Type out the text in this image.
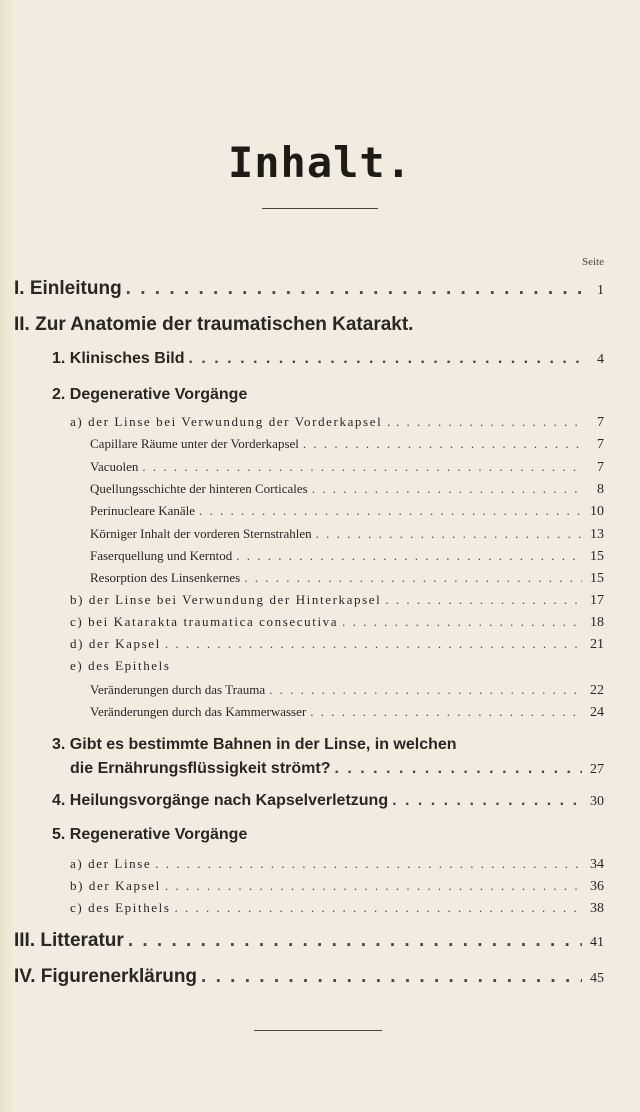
Inhalt.
Seite
I. Einleitung . . .	1
II. Zur Anatomie der traumatischen Katarakt.
1. Klinisches Bild . . .	4
2. Degenerative Vorgänge
a) der Linse bei Verwundung der Vorderkapsel . . . .	7
Capillare Räume unter der Vorderkapsel . . .	7
Vacuolen . . .	7
Quellungsschichte der hinteren Corticales . . .	8
Perinucleare Kanäle . . .	10
Körniger Inhalt der vorderen Sternstrahlen . . .	13
Faserquellung und Kerntod . . .	15
Resorption des Linsenkernes . . .	15
b) der Linse bei Verwundung der Hinterkapsel . . .	17
c) bei Katarakta traumatica consecutiva . . .	18
d) der Kapsel . . .	21
e) des Epithels
Veränderungen durch das Trauma . . .	22
Veränderungen durch das Kammerwasser . . .	24
3. Gibt es bestimmte Bahnen in der Linse, in welchen
die Ernährungsflüssigkeit strömt? . . .	27
4. Heilungsvorgänge nach Kapselverletzung . . .	30
5. Regenerative Vorgänge
a) der Linse . . .	34
b) der Kapsel . . .	36
c) des Epithels . . .	38
III. Litteratur . . .	41
IV. Figurenerklärung . . .	45
